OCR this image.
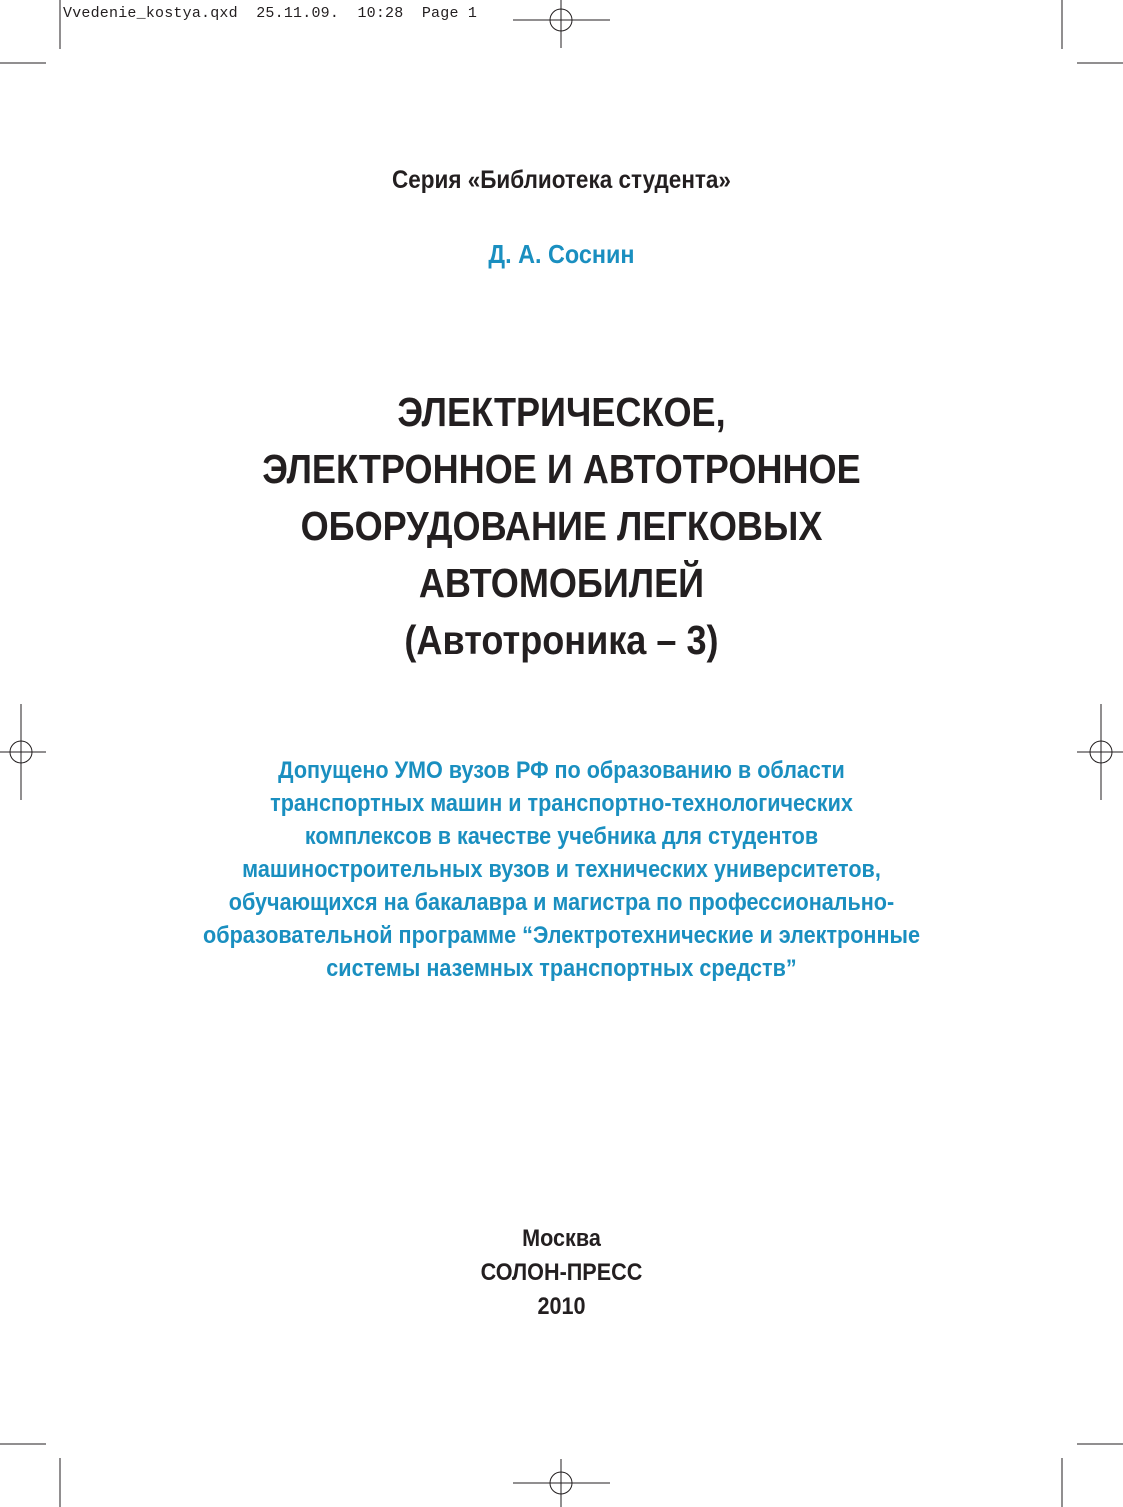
Vvedenie_kostya.qxd  25.11.09.  10:28  Page 1
Серия «Библиотека студента»
Д. А. Соснин
ЭЛЕКТРИЧЕСКОЕ,
ЭЛЕКТРОННОЕ И АВТОТРОННОЕ
ОБОРУДОВАНИЕ ЛЕГКОВЫХ
АВТОМОБИЛЕЙ
(Автотроника – 3)
Допущено УМО вузов РФ по образованию в области
транспортных машин и транспортно-технологических
комплексов в качестве учебника для студентов
машиностроительных вузов и технических университетов,
обучающихся на бакалавра и магистра по профессионально-
образовательной программе “Электротехнические и электронные
системы наземных транспортных средств”
Москва
СОЛОН-ПРЕСС
2010
